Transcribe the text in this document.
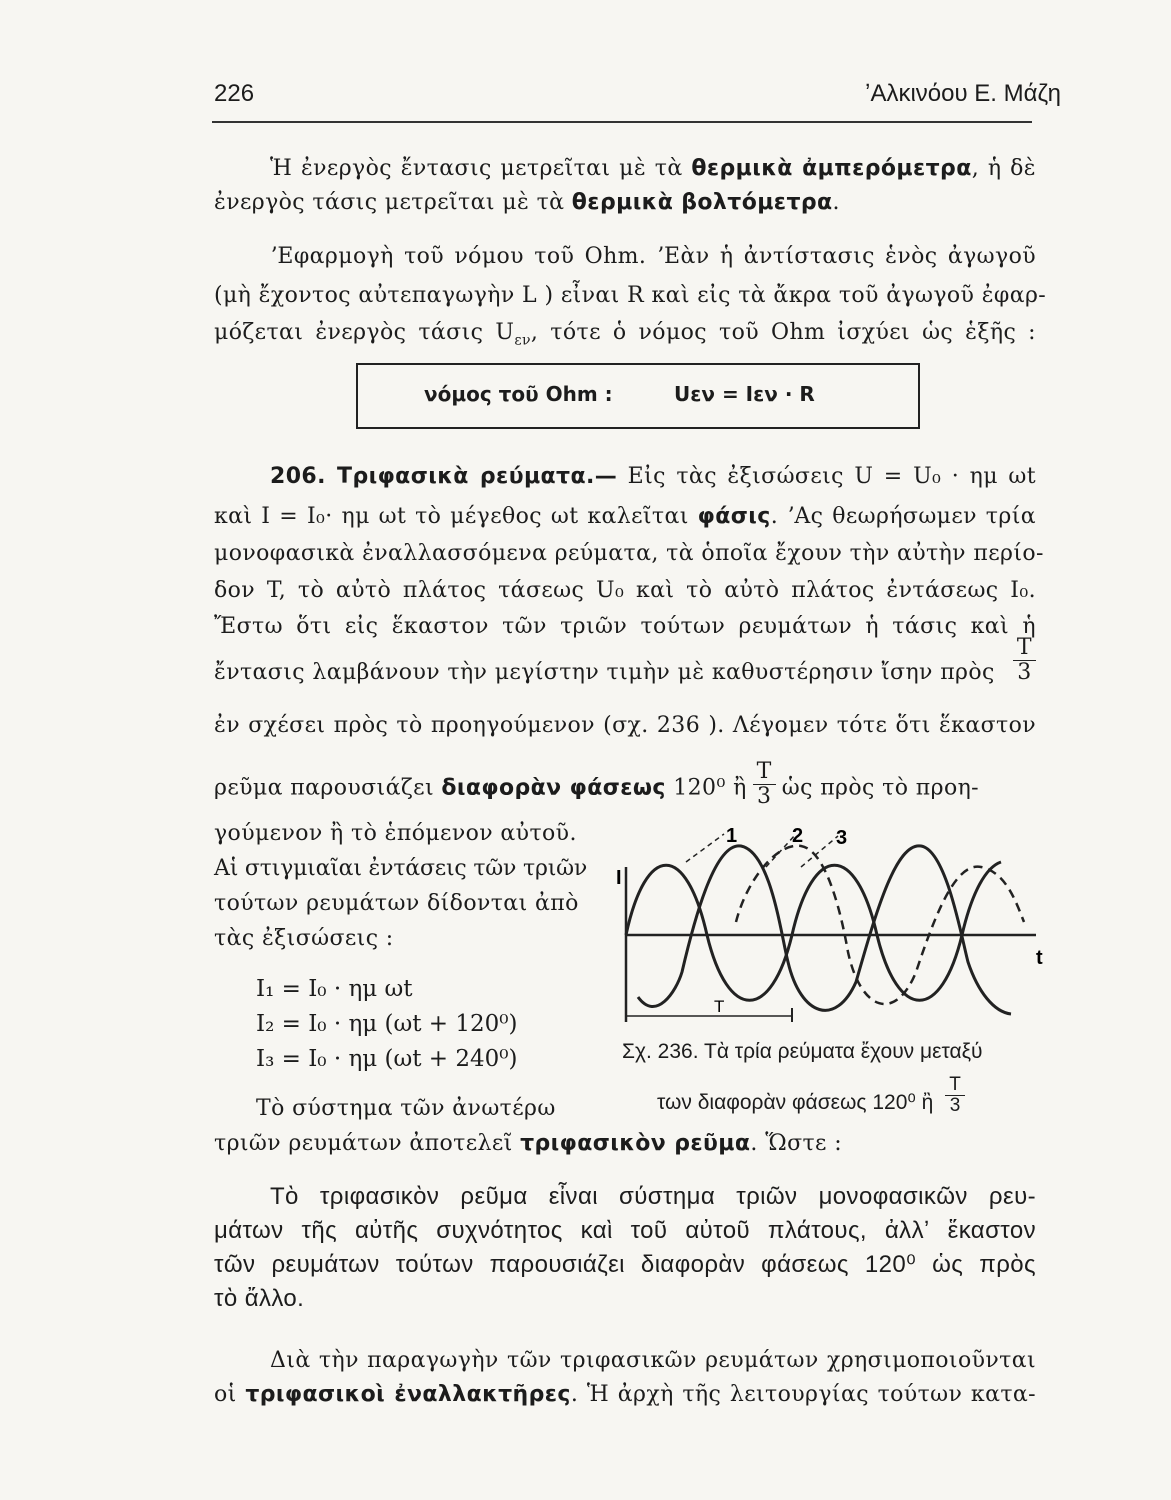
226	ʼΑλκινόου Ε. Μάζη
Ἡ ἐνεργὸς ἔντασις μετρεῖται μὲ τὰ θερμικὰ ἀμπερόμετρα, ἡ δὲ
ἐνεργὸς τάσις μετρεῖται μὲ τὰ θερμικὰ βολτόμετρα.
ʼΕφαρμογὴ τοῦ νόμου τοῦ Ohm. ʼΕὰν ἡ ἀντίστασις ἑνὸς ἀγωγοῦ
(μὴ ἔχοντος αὐτεπαγωγὴν L ) εἶναι R καὶ εἰς τὰ ἄκρα τοῦ ἀγωγοῦ ἐφαρ-
μόζεται ἐνεργὸς τάσις $U_{\varepsilon\nu}$, τότε ὁ νόμος τοῦ Ohm ἰσχύει ὡς ἑξῆς :
νόμος τοῦ Ohm :	Uεν = Iεν · R
206. Τριφασικὰ ρεύματα.— Εἰς τὰς ἐξισώσεις U = U₀ · ημ ωt
καὶ I = I₀· ημ ωt τὸ μέγεθος ωt καλεῖται φάσις. ʼΑς θεωρήσωμεν τρία
μονοφασικὰ ἐναλλασσόμενα ρεύματα, τὰ ὁποῖα ἔχουν τὴν αὐτὴν περίο-
δον T, τὸ αὐτὸ πλάτος τάσεως U₀ καὶ τὸ αὐτὸ πλάτος ἐντάσεως I₀.
Ἔστω ὅτι εἰς ἕκαστον τῶν τριῶν τούτων ρευμάτων ἡ τάσις καὶ ἡ
ἔντασις λαμβάνουν τὴν μεγίστην τιμὴν μὲ καθυστέρησιν ἴσην πρὸς $\frac{T}{3}$
ἐν σχέσει πρὸς τὸ προηγούμενον (σχ. 236 ). Λέγομεν τότε ὅτι ἕκαστον
ρεῦμα παρουσιάζει διαφορὰν φάσεως 120⁰ ἢ $\frac{T}{3}$ ὡς πρὸς τὸ προη-
γούμενον ἢ τὸ ἑπόμενον αὐτοῦ.
Αἱ στιγμιαῖαι ἐντάσεις τῶν τριῶν
τούτων ρευμάτων δίδονται ἀπὸ
τὰς ἐξισώσεις :
I₁ = I₀ · ημ ωt
I₂ = I₀ · ημ (ωt + 120⁰)
I₃ = I₀ · ημ (ωt + 240⁰)
I
t
1	2 3
T
Σχ. 236. Τὰ τρία ρεύματα ἔχουν μεταξύ
των διαφορὰν φάσεως 120⁰ ἢ $\frac{T}{3}$
Τὸ σύστημα τῶν ἀνωτέρω
τριῶν ρευμάτων ἀποτελεῖ τριφασικὸν ρεῦμα. Ὥστε :
Τὸ τριφασικὸν ρεῦμα εἶναι σύστημα τριῶν μονοφασικῶν ρευ-
μάτων τῆς αὐτῆς συχνότητος καὶ τοῦ αὐτοῦ πλάτους, ἀλλʼ ἕκαστον
τῶν ρευμάτων τούτων παρουσιάζει διαφορὰν φάσεως 120⁰ ὡς πρὸς
τὸ ἄλλο.
Διὰ τὴν παραγωγὴν τῶν τριφασικῶν ρευμάτων χρησιμοποιοῦνται
οἱ τριφασικοὶ ἐναλλακτῆρες. Ἡ ἀρχὴ τῆς λειτουργίας τούτων κατα-
